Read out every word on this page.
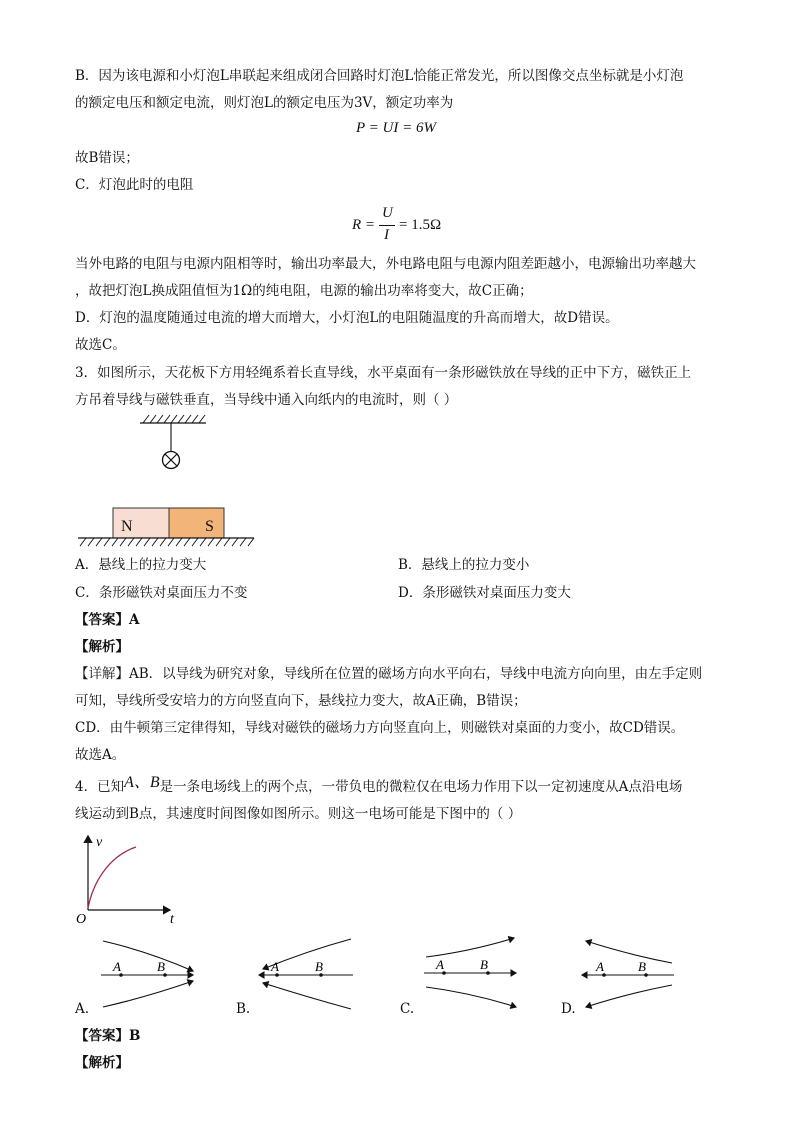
B．因为该电源和小灯泡L串联起来组成闭合回路时灯泡L恰能正常发光，所以图像交点坐标就是小灯泡
的额定电压和额定电流，则灯泡L的额定电压为3V，额定功率为
P = UI = 6W
故B错误；
C．灯泡此时的电阻
R =
U
I
= 1.5Ω
当外电路的电阻与电源内阻相等时，输出功率最大，外电路电阻与电源内阻差距越小，电源输出功率越大
，故把灯泡L换成阻值恒为1Ω的纯电阻，电源的输出功率将变大，故C正确；
D．灯泡的温度随通过电流的增大而增大，小灯泡L的电阻随温度的升高而增大，故D错误。
故选C。
3．如图所示，天花板下方用轻绳系着长直导线，水平桌面有一条形磁铁放在导线的正中下方，磁铁正上
方吊着导线与磁铁垂直，当导线中通入向纸内的电流时，则（ ）
N	S
A．悬线上的拉力变大	B．悬线上的拉力变小
C．条形磁铁对桌面压力不变	D．条形磁铁对桌面压力变大
【答案】A
【解析】
【详解】AB．以导线为研究对象，导线所在位置的磁场方向水平向右，导线中电流方向向里，由左手定则
可知，导线所受安培力的方向竖直向下，悬线拉力变大，故A正确，B错误；
CD．由牛顿第三定律得知，导线对磁铁的磁场力方向竖直向上，则磁铁对桌面的力变小，故CD错误。
故选A。
4．已知A、B是一条电场线上的两个点，一带负电的微粒仅在电场力作用下以一定初速度从A点沿电场
线运动到B点，其速度时间图像如图所示。则这一电场可能是下图中的（ ）
v
t
O
A	B	A	B	A	B	A	B
A.	B.	C.	D.
【答案】B
【解析】
